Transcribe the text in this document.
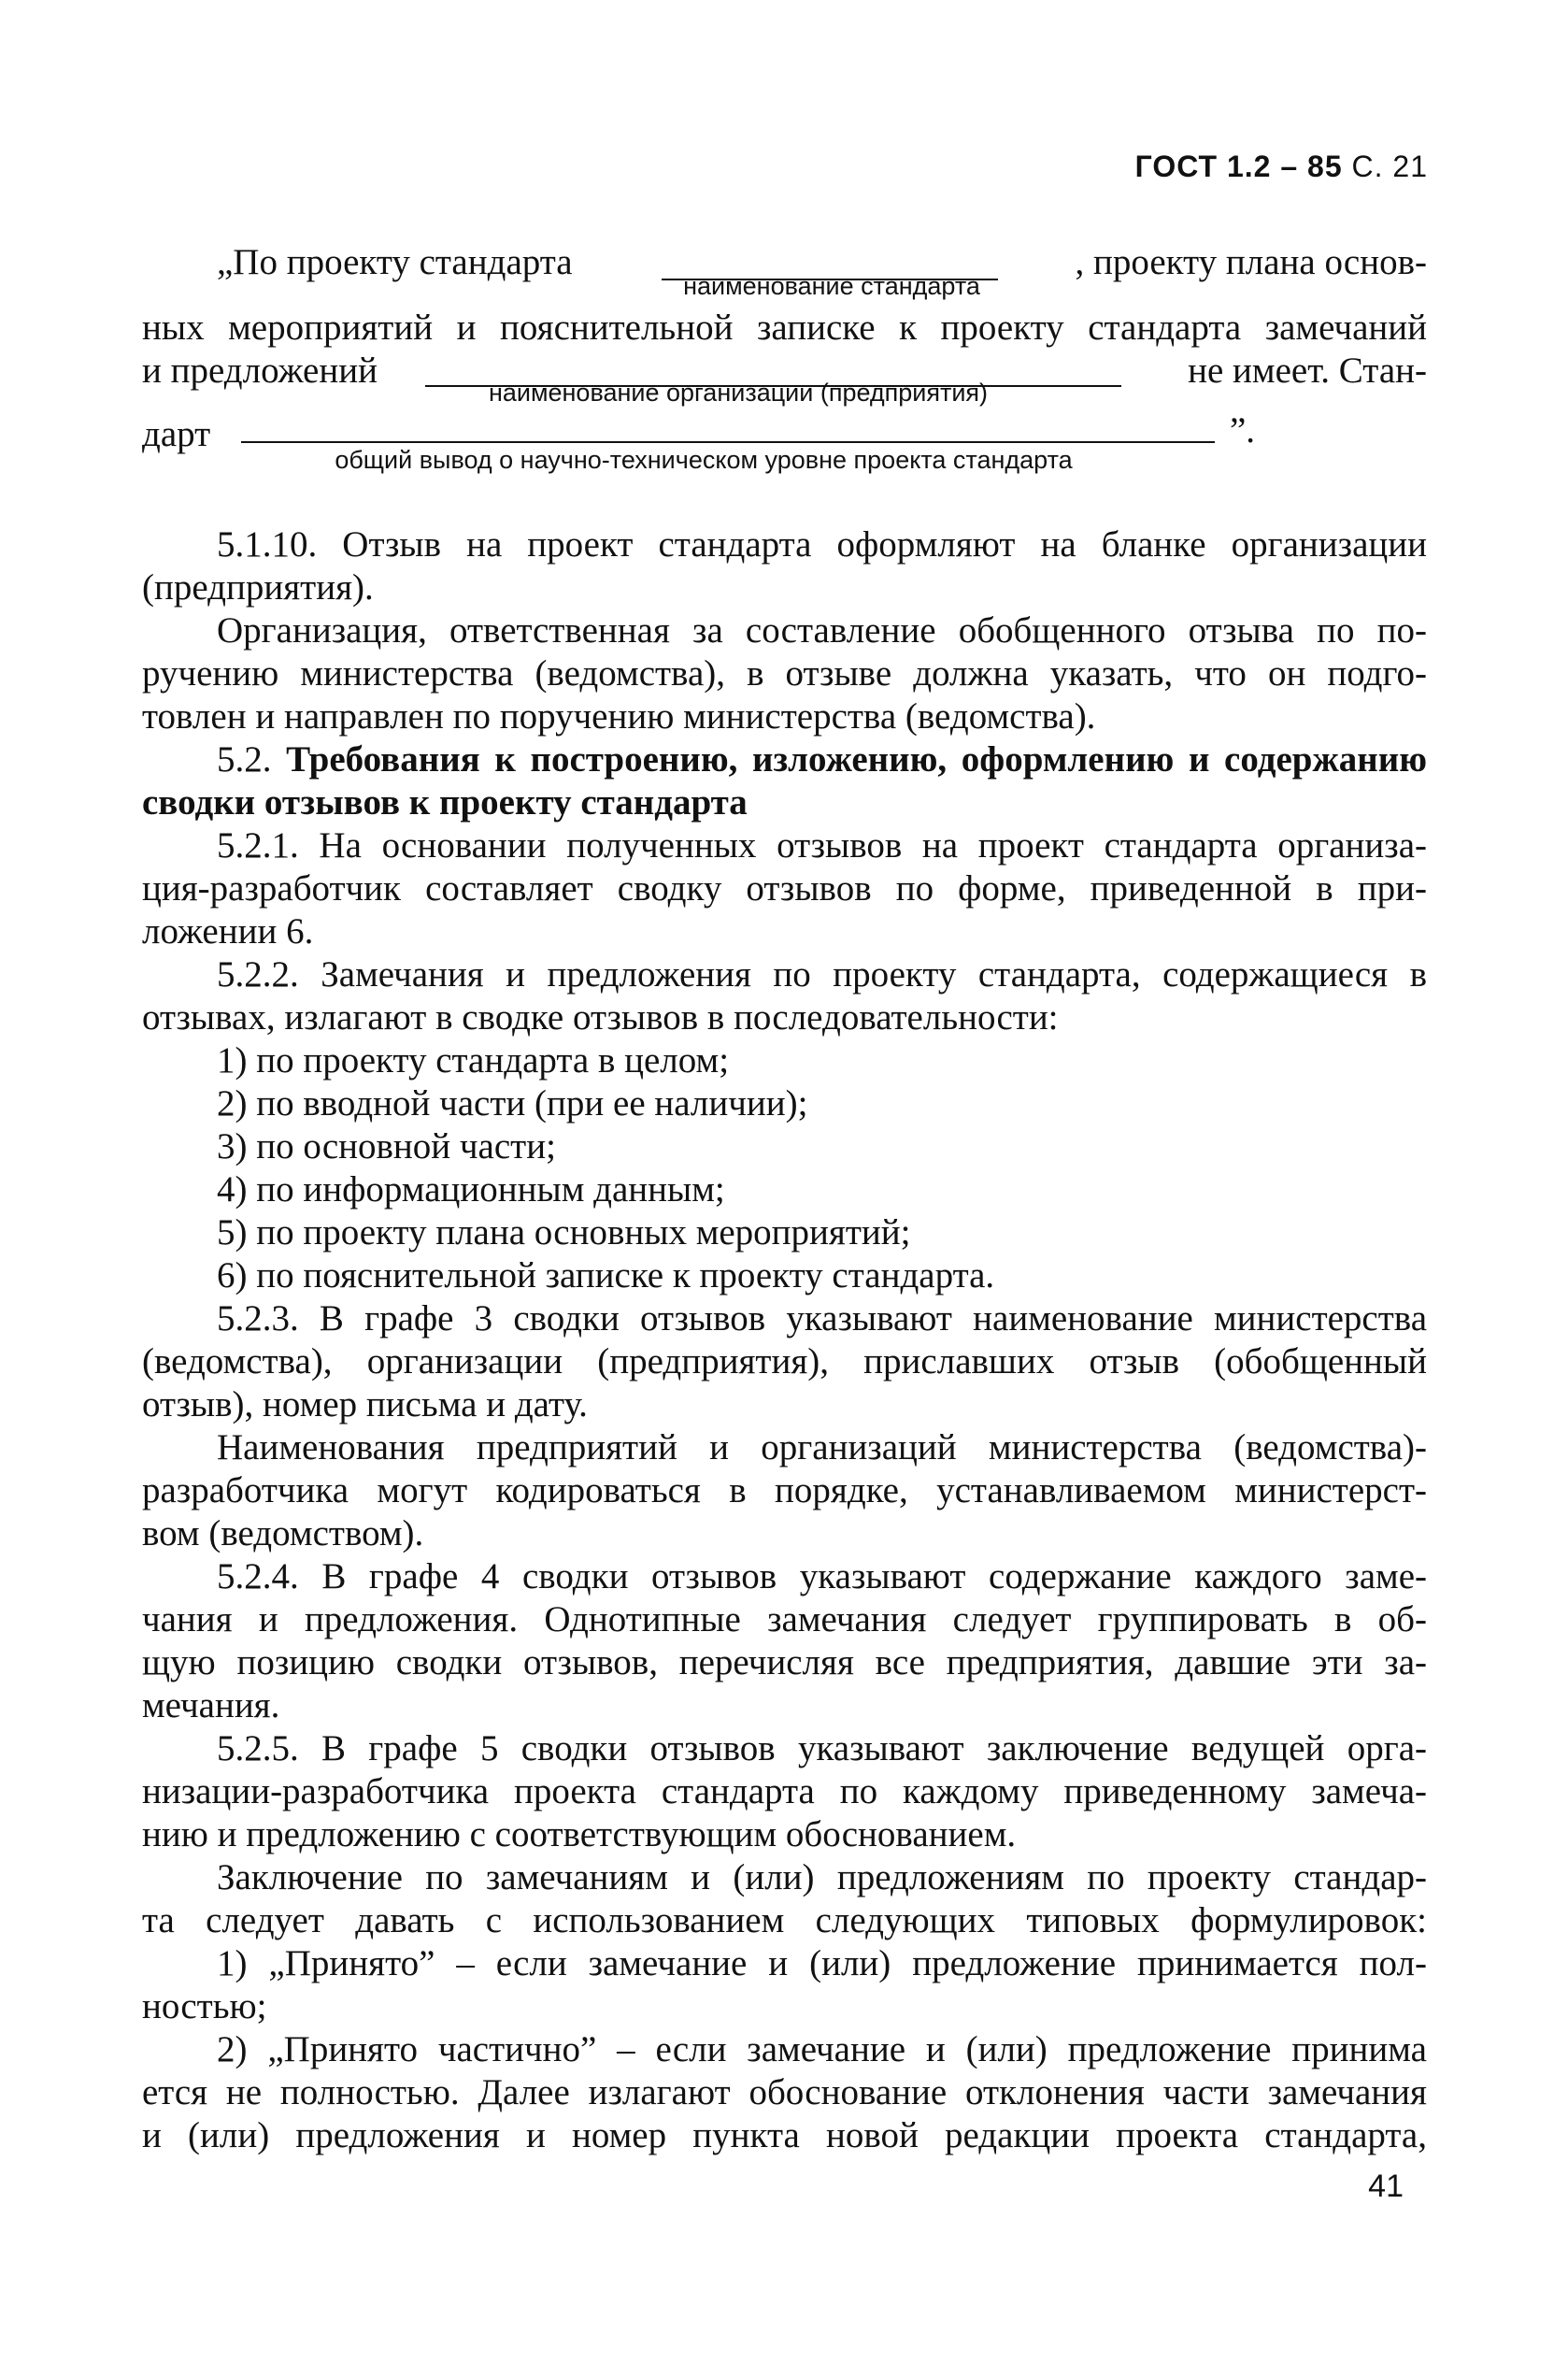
ГОСТ 1.2 – 85 С. 21
„По проекту стандарта
наименование стандарта
, проекту плана основ-
ных мероприятий и пояснительной записке к проекту стандарта замечаний
и предложений
наименование организации (предприятия)
не имеет. Стан-
дарт
общий вывод о научно-техническом уровне проекта стандарта
”.
5.1.10. Отзыв на проект стандарта оформляют на бланке организации
(предприятия).
Организация, ответственная за составление обобщенного отзыва по по-
ручению министерства (ведомства), в отзыве должна указать, что он подго-
товлен и направлен по поручению министерства (ведомства).
5.2. Требования к построению, изложению, оформлению и содержанию
сводки отзывов к проекту стандарта
5.2.1. На основании полученных отзывов на проект стандарта организа-
ция-разработчик составляет сводку отзывов по форме, приведенной в при-
ложении 6.
5.2.2. Замечания и предложения по проекту стандарта, содержащиеся в
отзывах, излагают в сводке отзывов в последовательности:
1) по проекту стандарта в целом;
2) по вводной части (при ее наличии);
3) по основной части;
4) по информационным данным;
5) по проекту плана основных мероприятий;
6) по пояснительной записке к проекту стандарта.
5.2.3. В графе 3 сводки отзывов указывают наименование министерства
(ведомства), организации (предприятия), приславших отзыв (обобщенный
отзыв), номер письма и дату.
Наименования предприятий и организаций министерства (ведомства)-
разработчика могут кодироваться в порядке, устанавливаемом министерст-
вом (ведомством).
5.2.4. В графе 4 сводки отзывов указывают содержание каждого заме-
чания и предложения. Однотипные замечания следует группировать в об-
щую позицию сводки отзывов, перечисляя все предприятия, давшие эти за-
мечания.
5.2.5. В графе 5 сводки отзывов указывают заключение ведущей орга-
низации-разработчика проекта стандарта по каждому приведенному замеча-
нию и предложению с соответствующим обоснованием.
Заключение по замечаниям и (или) предложениям по проекту стандар-
та следует давать с использованием следующих типовых формулировок:
1) „Принято” – если замечание и (или) предложение принимается пол-
ностью;
2) „Принято частично” – если замечание и (или) предложение принима
ется не полностью. Далее излагают обоснование отклонения части замечания
и (или) предложения и номер пункта новой редакции проекта стандарта,
41
